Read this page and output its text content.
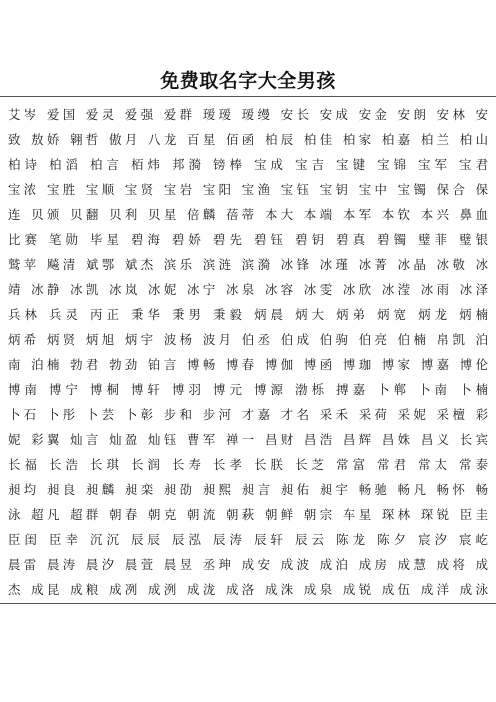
免费取名字大全男孩
艾岑 爱国 爱灵 爱强 爱群 瑷瑷 瑷缦 安长 安成 安金 安朗 安林 安
致 敖娇 翱哲 傲月 八龙 百星 佰函 柏辰 柏佳 柏家 柏嘉 柏兰 柏山
柏诗 柏滔 柏言 栢炜 邦漪 镑棒 宝成 宝吉 宝键 宝锦 宝军 宝君
宝浓 宝胜 宝顺 宝贤 宝岩 宝阳 宝渔 宝钰 宝钥 宝中 宝镯 保合 保
连 贝颁 贝翻 贝利 贝星 倍麟 蓓蒂 本大 本端 本军 本钦 本兴 鼻血
比赛 笔勋 毕星 碧海 碧娇 碧先 碧钰 碧钥 碧真 碧镯 璧菲 璧银
鹫苹 飚清 斌鄂 斌杰 滨乐 滨涟 滨漪 冰锋 冰瑾 冰菁 冰晶 冰敬 冰
靖 冰静 冰凯 冰岚 冰妮 冰宁 冰泉 冰容 冰雯 冰欣 冰滢 冰雨 冰泽
兵林 兵灵 丙正 秉华 秉男 秉毅 炳晨 炳大 炳弟 炳宽 炳龙 炳楠
炳希 炳贤 炳旭 炳宇 波杨 波月 伯丞 伯成 伯驹 伯亮 伯楠 帛凯 泊
南 泊楠 勃君 勃劲 铂言 博畅 博春 博伽 博函 博珈 博家 博嘉 博伦
博南 博宁 博桐 博轩 博羽 博元 博源 渤栎 搏嘉 卜郸 卜南 卜楠
卜石 卜彤 卜芸 卜彰 步和 步河 才嘉 才名 采禾 采荷 采妮 采檀 彩
妮 彩翼 灿言 灿盈 灿钰 曹军 禅一 昌财 昌浩 昌辉 昌姝 昌义 长宾
长福 长浩 长琪 长润 长寿 长孝 长朕 长芝 常富 常君 常太 常泰
昶均 昶良 昶麟 昶栾 昶劭 昶熙 昶言 昶佑 昶宇 畅驰 畅凡 畅怀 畅
泳 超凡 超群 朝春 朝克 朝流 朝萩 朝鲜 朝宗 车星 琛林 琛锐 臣圭
臣闺 臣幸 沉沉 辰辰 辰泓 辰涛 辰轩 辰云 陈龙 陈夕 宸汐 宸屹
晨雷 晨涛 晨汐 晨萱 晨昱 丞珅 成安 成波 成泊 成房 成慧 成将 成
杰 成昆 成粮 成冽 成洌 成泷 成洛 成洙 成泉 成锐 成伍 成洋 成泳
